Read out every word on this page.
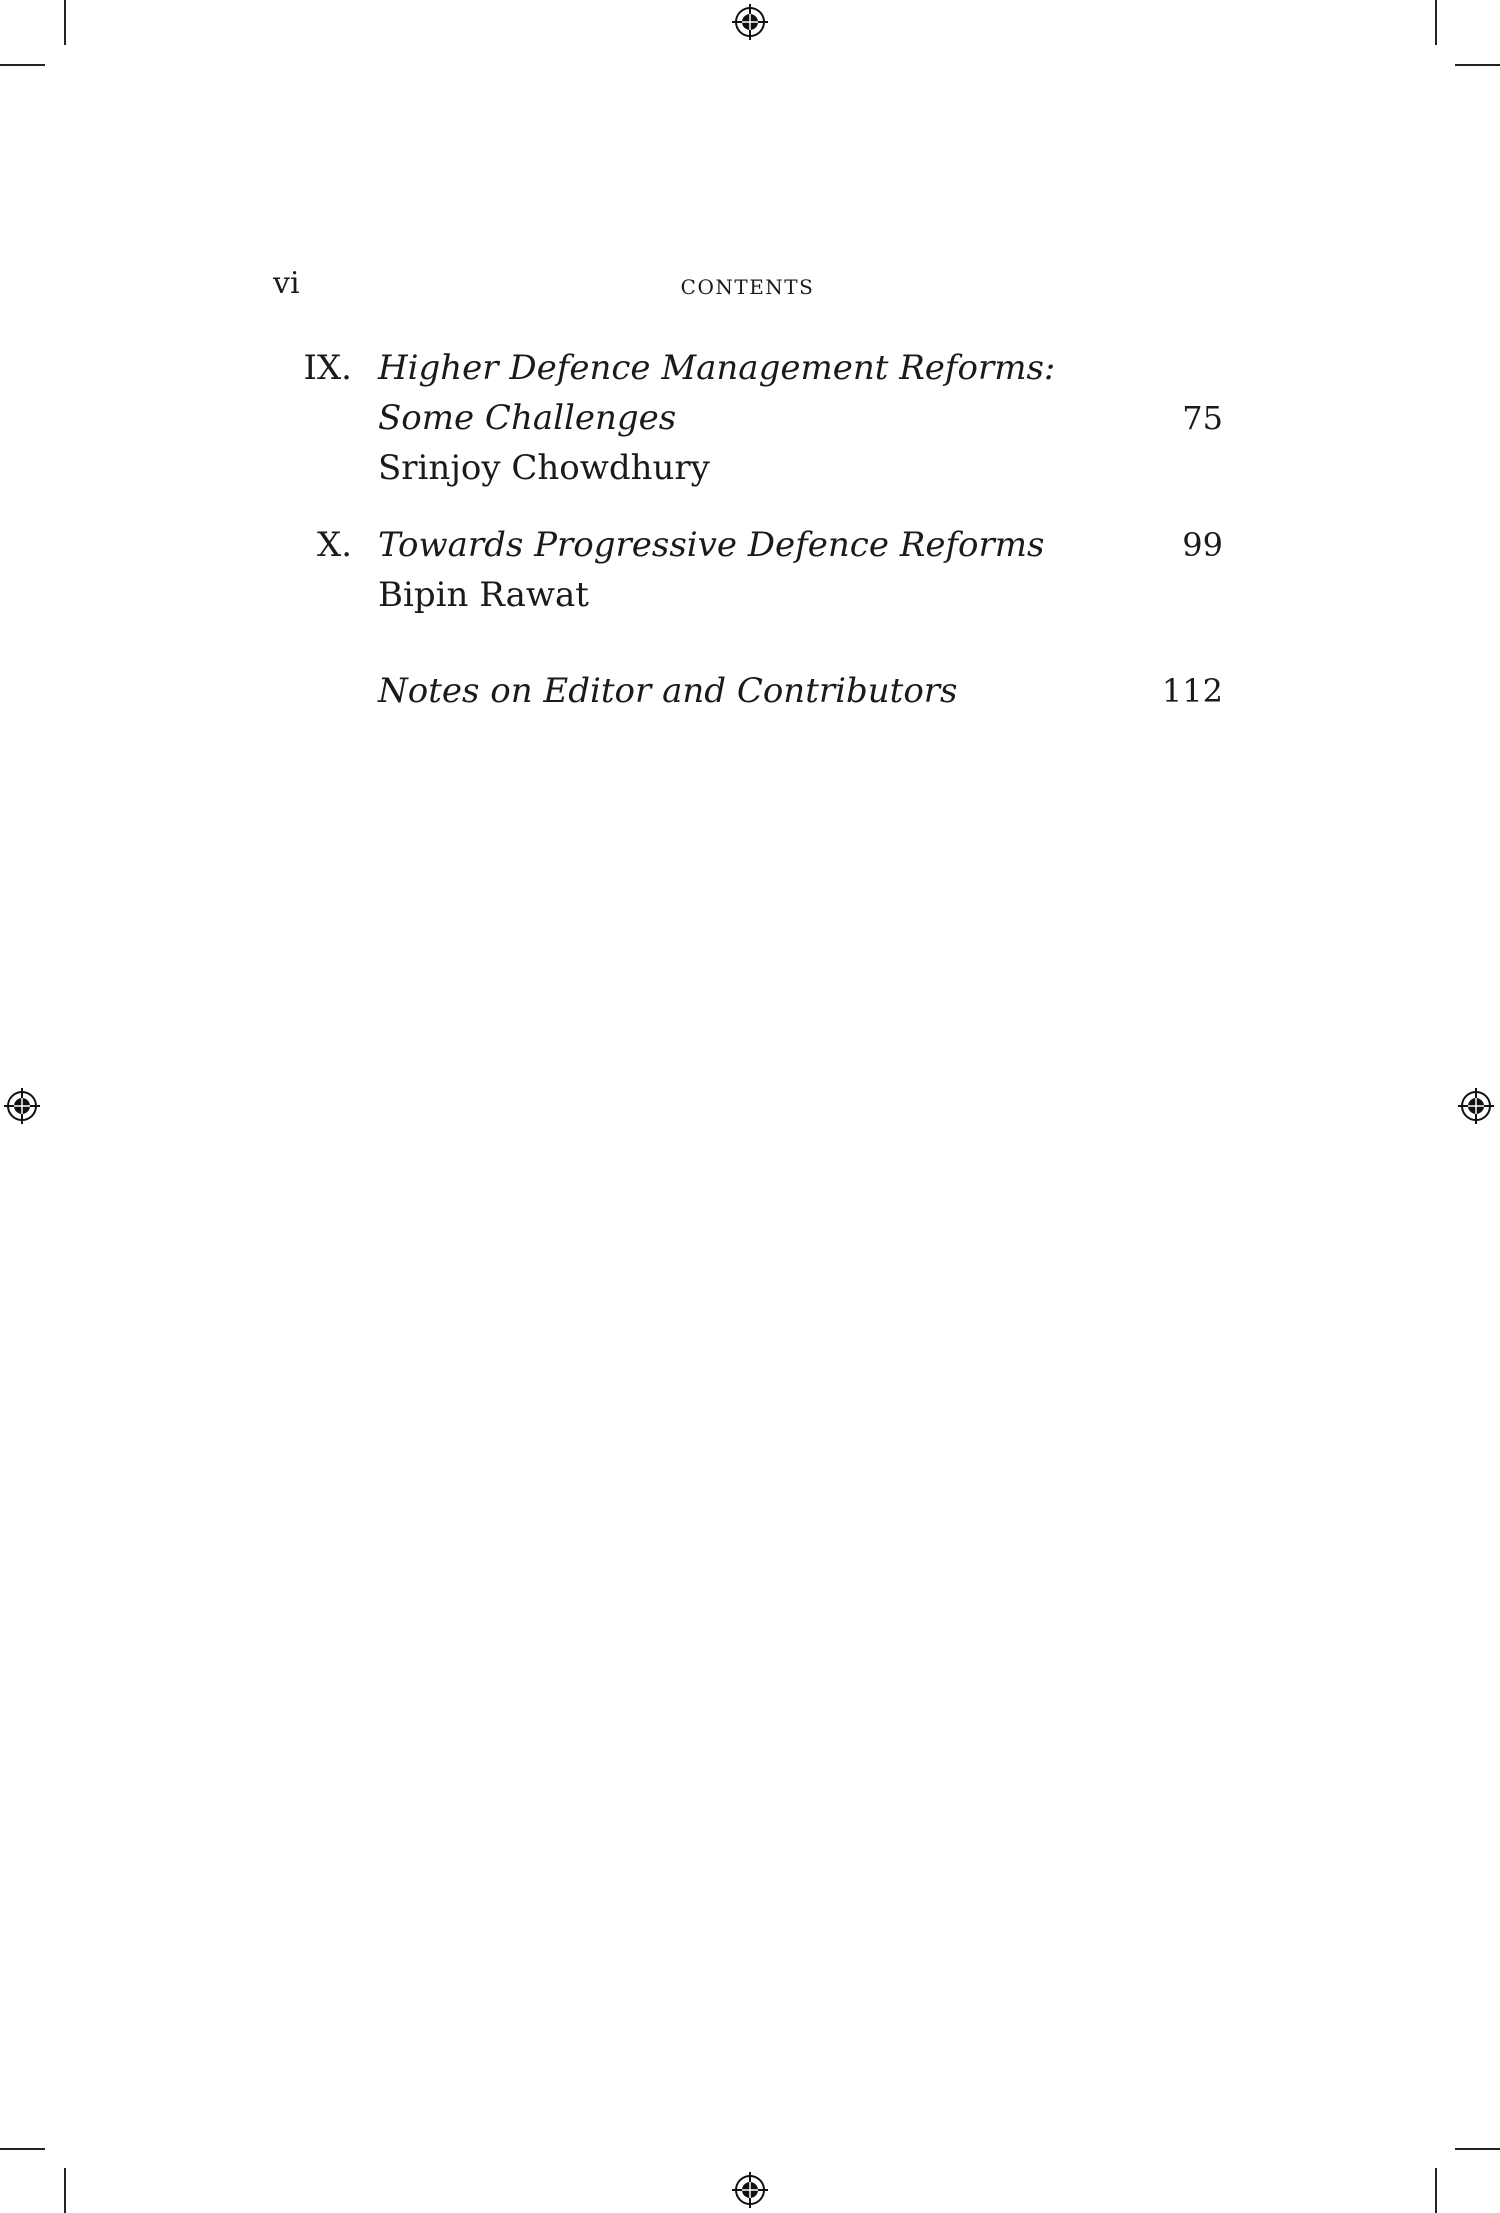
vi	contents
IX. Higher Defence Management Reforms:
Some Challenges
Srinjoy Chowdhury
75
X. Towards Progressive Defence Reforms
Bipin Rawat
99
Notes on Editor and Contributors	112
